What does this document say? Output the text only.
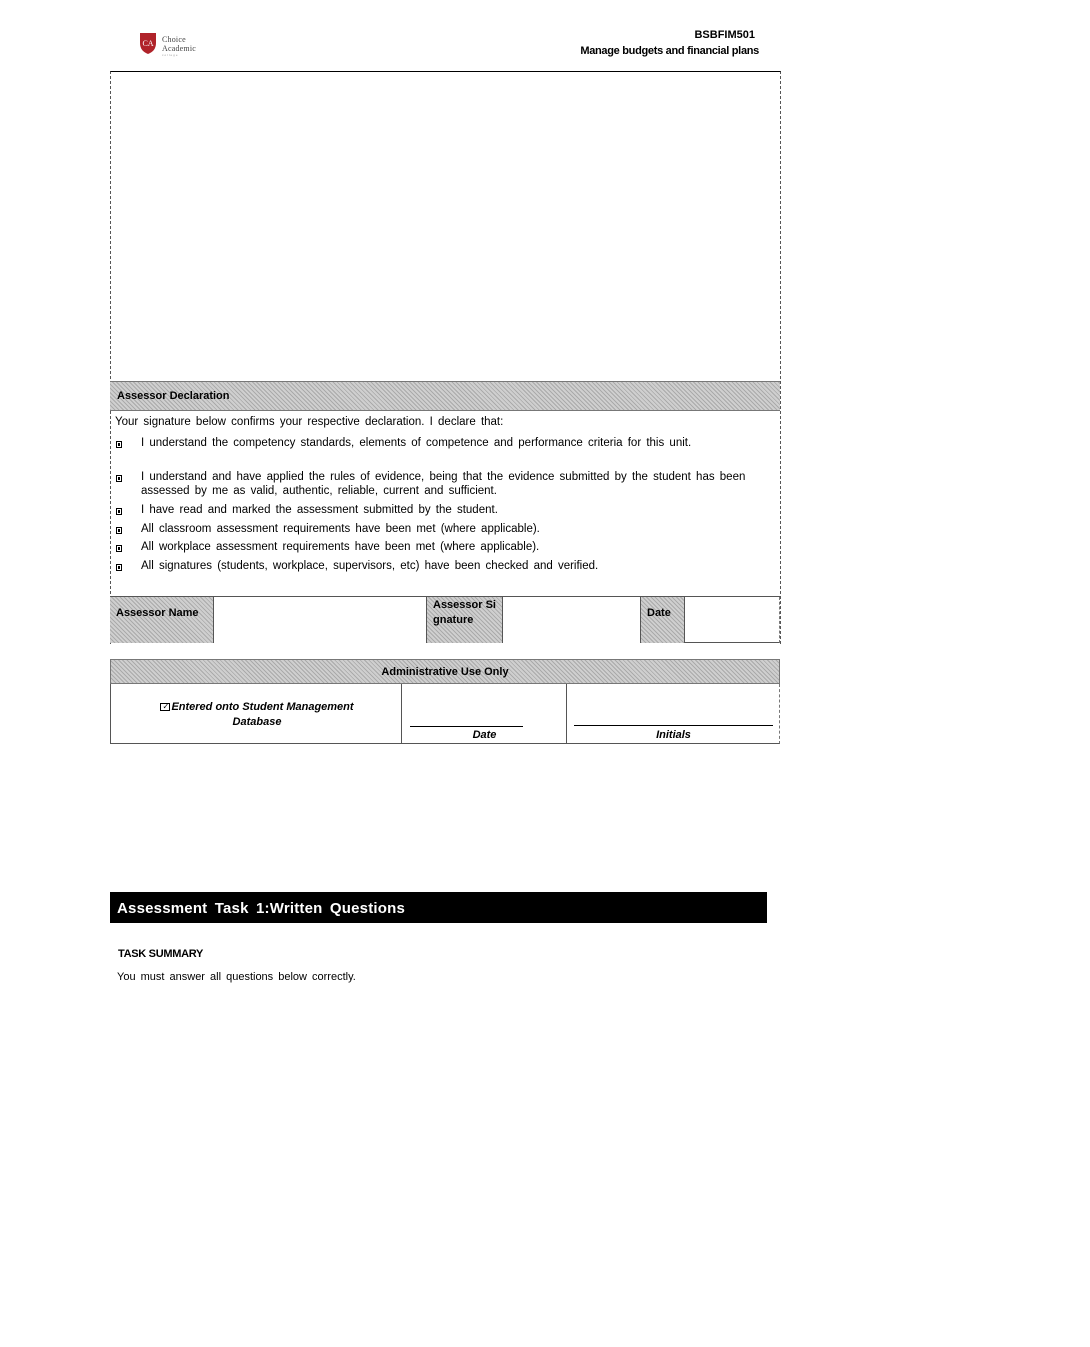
CA Choice
Academic
college
BSBFIM501
Manage budgets and financial plans
Assessor Declaration
Your signature below confirms your respective declaration. I declare that:
I understand the competency standards, elements of competence and performance criteria for this unit.
I understand and have applied the rules of evidence, being that the evidence submitted by the student has been assessed by me as valid, authentic, reliable, current and sufficient.
I have read and marked the assessment submitted by the student.
All classroom assessment requirements have been met (where applicable).
All workplace assessment requirements have been met (where applicable).
All signatures (students, workplace, supervisors, etc) have been checked and verified.
Assessor Name
Assessor Signature
Date
Administrative Use Only
✓Entered onto Student Management Database
Date	Initials
Assessment Task 1:Written Questions
TASK SUMMARY
You must answer all questions below correctly.
